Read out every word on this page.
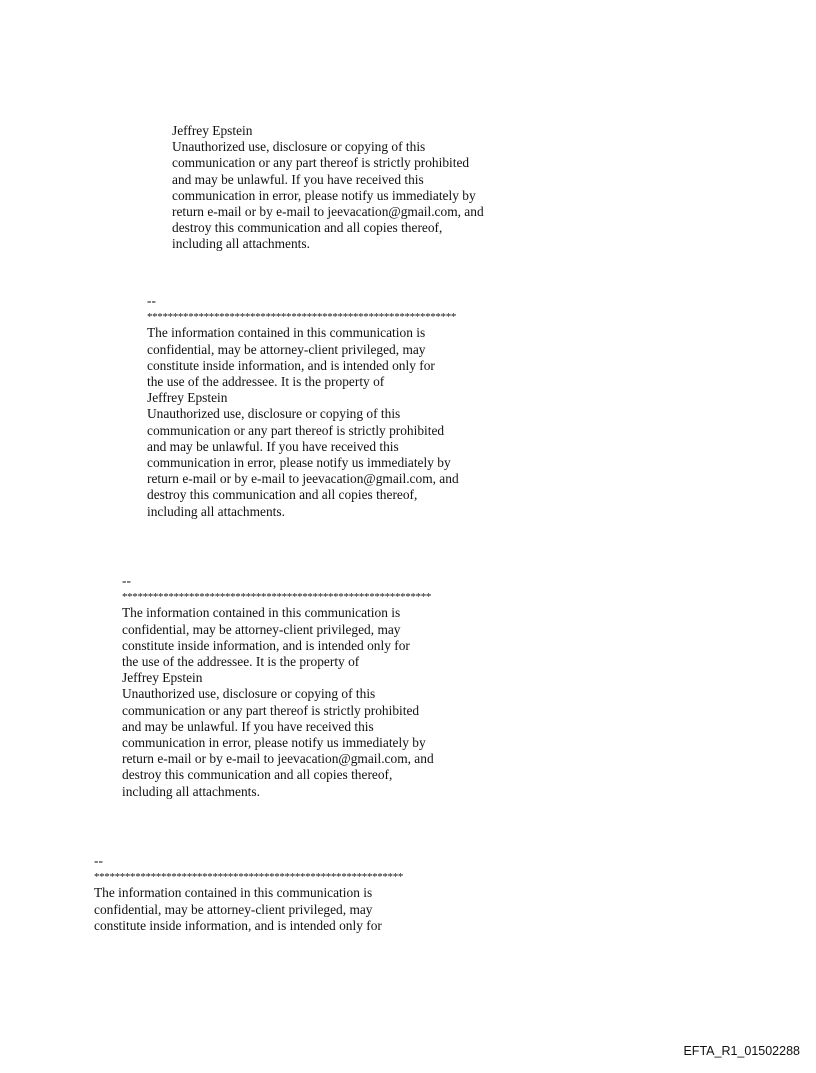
Jeffrey Epstein
Unauthorized use, disclosure or copying of this
communication or any part thereof is strictly prohibited
and may be unlawful. If you have received this
communication in error, please notify us immediately by
return e-mail or by e-mail to jeevacation@gmail.com, and
destroy this communication and all copies thereof,
including all attachments.
--
************************************************************
The information contained in this communication is
confidential, may be attorney-client privileged, may
constitute inside information, and is intended only for
the use of the addressee. It is the property of
Jeffrey Epstein
Unauthorized use, disclosure or copying of this
communication or any part thereof is strictly prohibited
and may be unlawful. If you have received this
communication in error, please notify us immediately by
return e-mail or by e-mail to jeevacation@gmail.com, and
destroy this communication and all copies thereof,
including all attachments.
--
************************************************************
The information contained in this communication is
confidential, may be attorney-client privileged, may
constitute inside information, and is intended only for
the use of the addressee. It is the property of
Jeffrey Epstein
Unauthorized use, disclosure or copying of this
communication or any part thereof is strictly prohibited
and may be unlawful. If you have received this
communication in error, please notify us immediately by
return e-mail or by e-mail to jeevacation@gmail.com, and
destroy this communication and all copies thereof,
including all attachments.
--
************************************************************
The information contained in this communication is
confidential, may be attorney-client privileged, may
constitute inside information, and is intended only for
EFTA_R1_01502288
